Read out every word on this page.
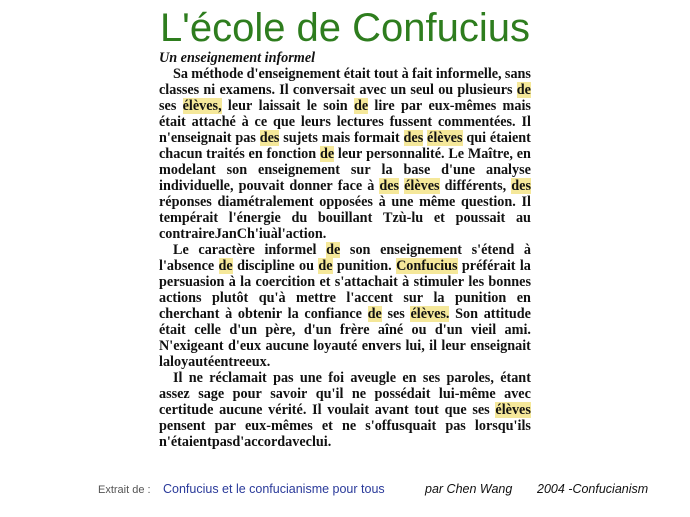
L'école de Confucius
Un enseignement informel
Sa méthode d'enseignement était tout à fait informelle, sans
classes ni examens. Il conversait avec un seul ou plusieurs de
ses élèves, leur laissait le soin de lire par eux-mêmes mais
était attaché à ce que leurs lectures fussent commentées. Il
n'enseignait pas des sujets mais formait des élèves qui étaient
chacun traités en fonction de leur personnalité. Le Maître, en
modelant son enseignement sur la base d'une analyse
individuelle, pouvait donner face à des élèves différents, des
réponses diamétralement opposées à une même question. Il
tempérait l'énergie du bouillant Tzù-lu et poussait au
contraire Jan Ch'iu à l'action.
Le caractère informel de son enseignement s'étend à
l'absence de discipline ou de punition. Confucius préférait la
persuasion à la coercition et s'attachait à stimuler les bonnes
actions plutôt qu'à mettre l'accent sur la punition en
cherchant à obtenir la confiance de ses élèves. Son attitude
était celle d'un père, d'un frère aîné ou d'un vieil ami.
N'exigeant d'eux aucune loyauté envers lui, il leur enseignait
la loyauté entre eux.
Il ne réclamait pas une foi aveugle en ses paroles, étant
assez sage pour savoir qu'il ne possédait lui-même avec
certitude aucune vérité. Il voulait avant tout que ses élèves
pensent par eux-mêmes et ne s'offusquait pas lorsqu'ils
n'étaient pas d'accord avec lui.
Extrait de : Confucius et le confucianisme pour tous	par Chen Wang 2004 -Confucianism
